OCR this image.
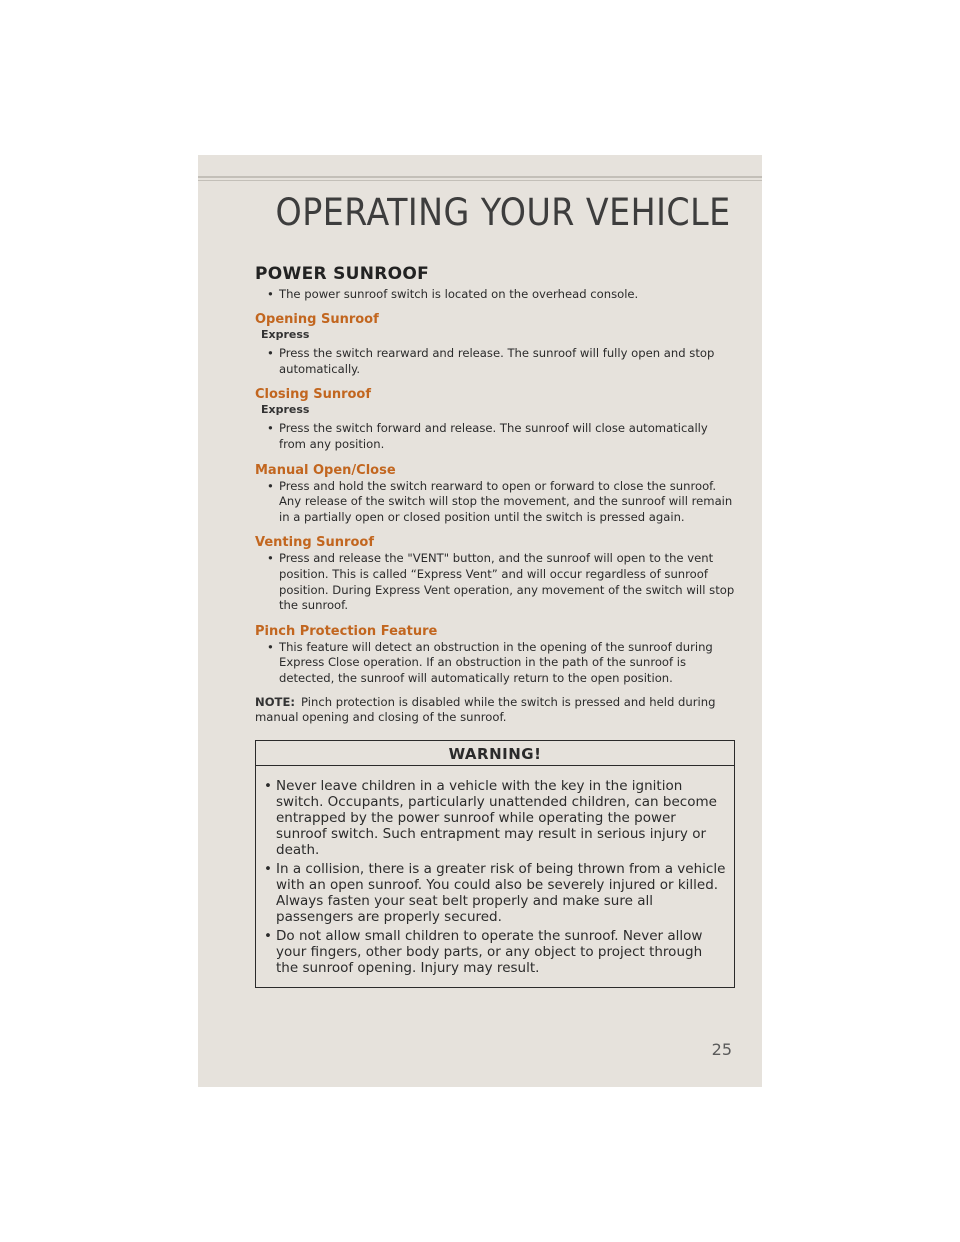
OPERATING YOUR VEHICLE
POWER SUNROOF
• The power sunroof switch is located on the overhead console.
Opening Sunroof
Express
• Press the switch rearward and release. The sunroof will fully open and stop automatically.
Closing Sunroof
Express
• Press the switch forward and release. The sunroof will close automatically from any position.
Manual Open/Close
• Press and hold the switch rearward to open or forward to close the sunroof. Any release of the switch will stop the movement, and the sunroof will remain in a partially open or closed position until the switch is pressed again.
Venting Sunroof
• Press and release the "VENT" button, and the sunroof will open to the vent position. This is called “Express Vent” and will occur regardless of sunroof position. During Express Vent operation, any movement of the switch will stop the sunroof.
Pinch Protection Feature
• This feature will detect an obstruction in the opening of the sunroof during Express Close operation. If an obstruction in the path of the sunroof is detected, the sunroof will automatically return to the open position.

NOTE: Pinch protection is disabled while the switch is pressed and held during manual opening and closing of the sunroof.

WARNING!
• Never leave children in a vehicle with the key in the ignition switch. Occupants, particularly unattended children, can become entrapped by the power sunroof while operating the power sunroof switch. Such entrapment may result in serious injury or death.
• In a collision, there is a greater risk of being thrown from a vehicle with an open sunroof. You could also be severely injured or killed. Always fasten your seat belt properly and make sure all passengers are properly secured.
• Do not allow small children to operate the sunroof. Never allow your fingers, other body parts, or any object to project through the sunroof opening. Injury may result.
25
